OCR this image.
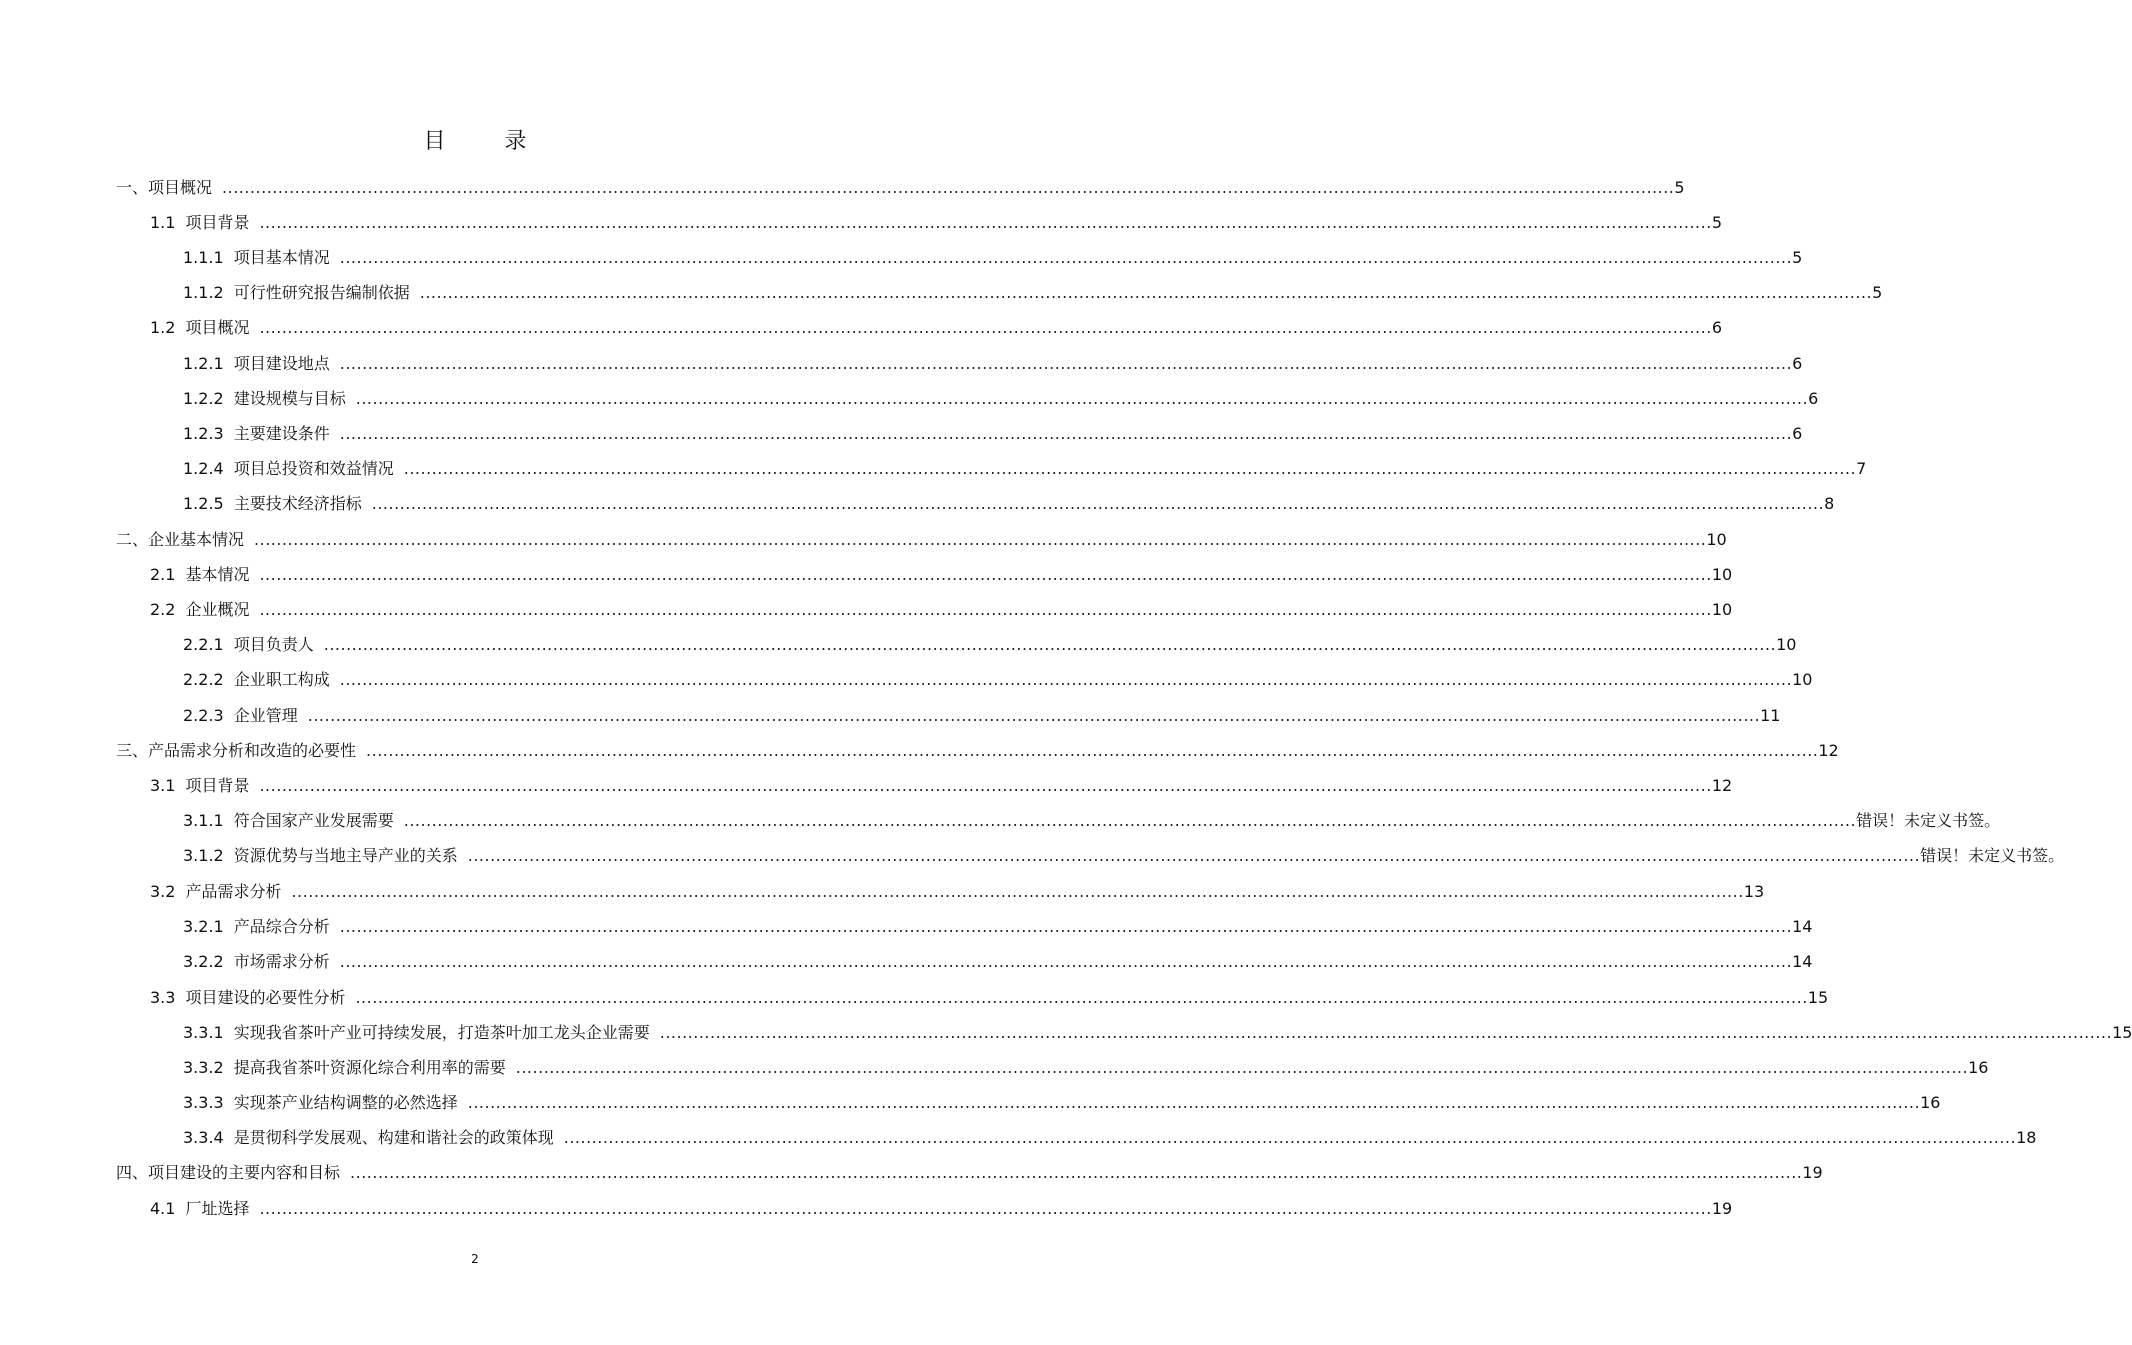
目 录
一、 项目概况 .................................................................................................................................................................................................................................................................... 5
1.1 项目背景 .................................................................................................................................................................................................................................................................... 5
1.1.1 项目基本情况 .................................................................................................................................................................................................................................................................... 5
1.1.2 可行性研究报告编制依据 .................................................................................................................................................................................................................................................................... 5
1.2 项目概况 .................................................................................................................................................................................................................................................................... 6
1.2.1 项目建设地点 .................................................................................................................................................................................................................................................................... 6
1.2.2 建设规模与目标 .................................................................................................................................................................................................................................................................... 6
1.2.3 主要建设条件 .................................................................................................................................................................................................................................................................... 6
1.2.4 项目总投资和效益情况 .................................................................................................................................................................................................................................................................... 7
1.2.5 主要技术经济指标 .................................................................................................................................................................................................................................................................... 8
二、 企业基本情况 .................................................................................................................................................................................................................................................................... 10
2.1 基本情况 .................................................................................................................................................................................................................................................................... 10
2.2 企业概况 .................................................................................................................................................................................................................................................................... 10
2.2.1 项目负责人 .................................................................................................................................................................................................................................................................... 10
2.2.2 企业职工构成 .................................................................................................................................................................................................................................................................... 10
2.2.3 企业管理 .................................................................................................................................................................................................................................................................... 11
三、 产品需求分析和改造的必要性 .................................................................................................................................................................................................................................................................... 12
3.1 项目背景 .................................................................................................................................................................................................................................................................... 12
3.1.1 符合国家产业发展需要 .................................................................................................................................................................................................................................................................... 错误！未定义书签。
3.1.2 资源优势与当地主导产业的关系 .................................................................................................................................................................................................................................................................... 错误！未定义书签。
3.2 产品需求分析 .................................................................................................................................................................................................................................................................... 13
3.2.1 产品综合分析 .................................................................................................................................................................................................................................................................... 14
3.2.2 市场需求分析 .................................................................................................................................................................................................................................................................... 14
3.3 项目建设的必要性分析 .................................................................................................................................................................................................................................................................... 15
3.3.1 实现我省茶叶产业可持续发展，打造茶叶加工龙头企业需要 .................................................................................................................................................................................................................................................................... 15
3.3.2 提高我省茶叶资源化综合利用率的需要 .................................................................................................................................................................................................................................................................... 16
3.3.3 实现茶产业结构调整的必然选择 .................................................................................................................................................................................................................................................................... 16
3.3.4 是贯彻科学发展观、构建和谐社会的政策体现 .................................................................................................................................................................................................................................................................... 18
四、 项目建设的主要内容和目标 .................................................................................................................................................................................................................................................................... 19
4.1 厂址选择 .................................................................................................................................................................................................................................................................... 19
2
